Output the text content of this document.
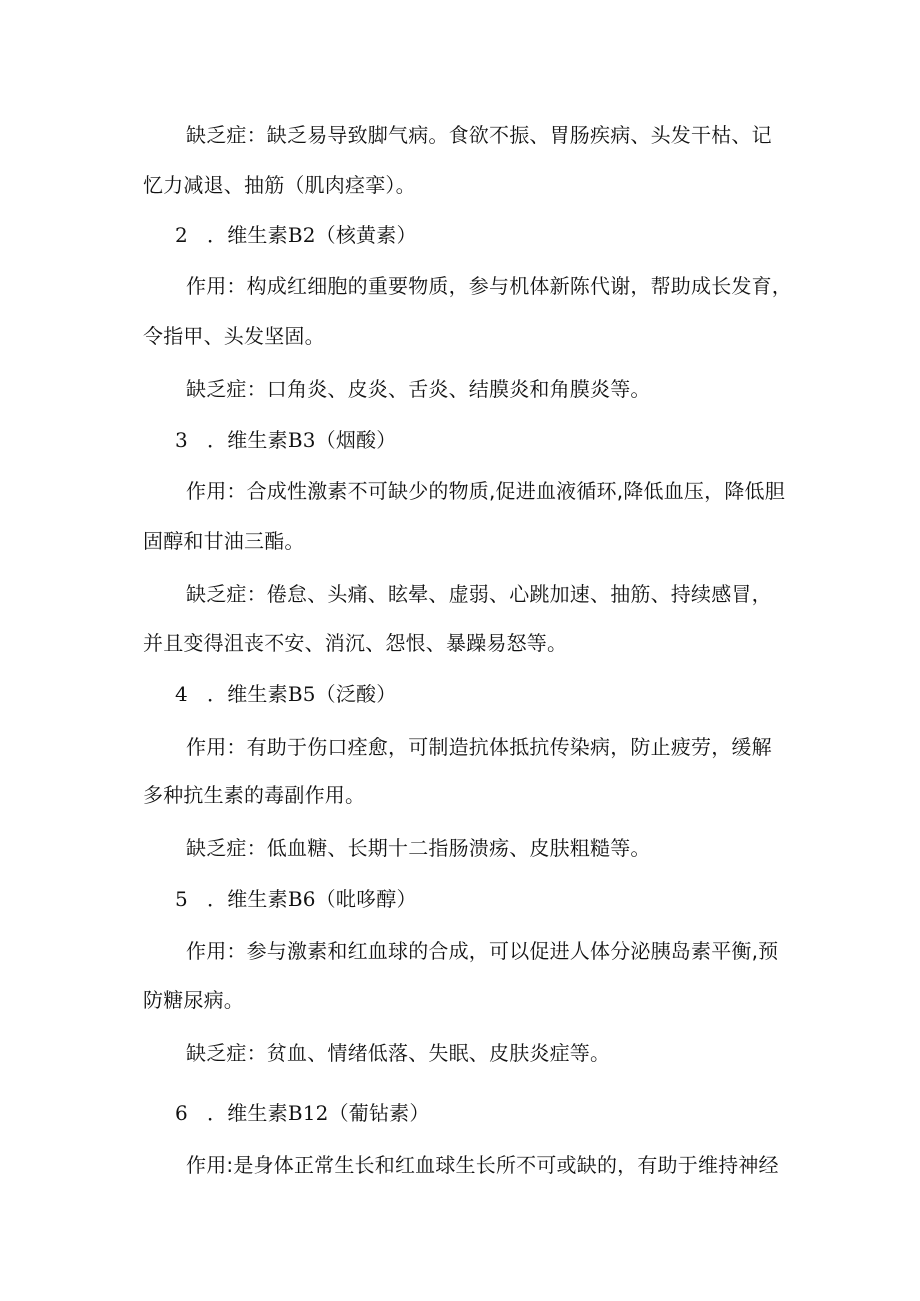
缺乏症：缺乏易导致脚气病。食欲不振、胃肠疾病、头发干枯、记
忆力减退、抽筋（肌肉痉挛）。
2 ．维生素B2（核黄素）
作用：构成红细胞的重要物质，参与机体新陈代谢，帮助成长发育，
令指甲、头发坚固。
缺乏症：口角炎、皮炎、舌炎、结膜炎和角膜炎等。
3 ．维生素B3（烟酸）
作用：合成性激素不可缺少的物质,促进血液循环,降低血压，降低胆
固醇和甘油三酯。
缺乏症：倦怠、头痛、眩晕、虚弱、心跳加速、抽筋、持续感冒，
并且变得沮丧不安、消沉、怨恨、暴躁易怒等。
4 ．维生素B5（泛酸）
作用：有助于伤口痊愈，可制造抗体抵抗传染病，防止疲劳，缓解
多种抗生素的毒副作用。
缺乏症：低血糖、长期十二指肠溃疡、皮肤粗糙等。
5 ．维生素B6（吡哆醇）
作用：参与激素和红血球的合成，可以促进人体分泌胰岛素平衡,预
防糖尿病。
缺乏症：贫血、情绪低落、失眠、皮肤炎症等。
6 ．维生素B12（葡钻素）
作用:是身体正常生长和红血球生长所不可或缺的，有助于维持神经
